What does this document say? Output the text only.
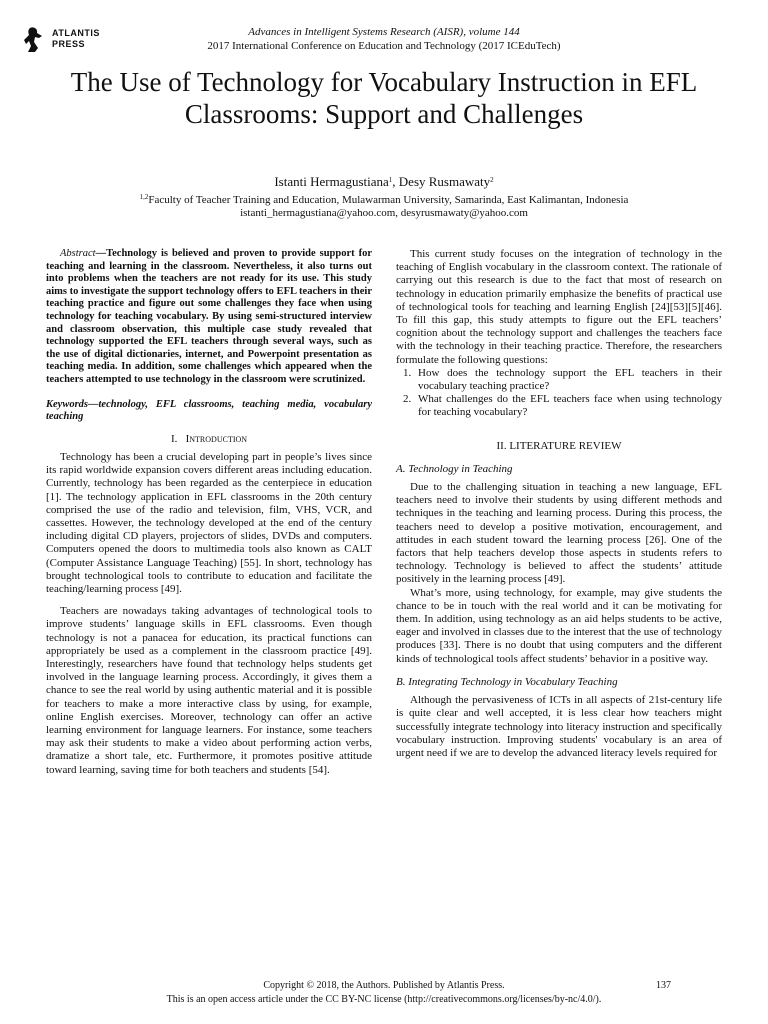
ATLANTIS
PRESS
Advances in Intelligent Systems Research (AISR), volume 144
2017 International Conference on Education and Technology (2017 ICEduTech)
The Use of Technology for Vocabulary Instruction in EFL Classrooms: Support and Challenges
Istanti Hermagustiana$^1$, Desy Rusmawaty$^2$
$^{1,2}$Faculty of Teacher Training and Education, Mulawarman University, Samarinda, East Kalimantan, Indonesia
istanti_hermagustiana@yahoo.com, desyrusmawaty@yahoo.com

Abstract—Technology is believed and proven to provide support for teaching and learning in the classroom. Nevertheless, it also turns out into problems when the teachers are not ready for its use. This study aims to investigate the support technology offers to EFL teachers in their teaching practice and figure out some challenges they face when using technology for teaching vocabulary. By using semi-structured interview and classroom observation, this multiple case study revealed that technology supported the EFL teachers through several ways, such as the use of digital dictionaries, internet, and Powerpoint presentation as teaching media. In addition, some challenges which appeared when the teachers attempted to use technology in the classroom were scrutinized.

Keywords—technology, EFL classrooms, teaching media, vocabulary teaching

I. Introduction

Technology has been a crucial developing part in people’s lives since its rapid worldwide expansion covers different areas including education. Currently, technology has been regarded as the centerpiece in education [1]. The technology application in EFL classrooms in the 20th century comprised the use of the radio and television, film, VHS, VCR, and cassettes. However, the technology developed at the end of the century including digital CD players, projectors of slides, DVDs and computers. Computers opened the doors to multimedia tools also known as CALT (Computer Assistance Language Teaching) [55]. In short, technology has brought technological tools to contribute to education and facilitate the teaching/learning process [49].

Teachers are nowadays taking advantages of technological tools to improve students’ language skills in EFL classrooms. Even though technology is not a panacea for education, its practical functions can appropriately be used as a complement in the classroom practice [49]. Interestingly, researchers have found that technology helps students get involved in the language learning process. Accordingly, it gives them a chance to see the real world by using authentic material and it is possible for teachers to make a more interactive class by using, for example, online English exercises. Moreover, technology can offer an active learning environment for language learners. For instance, some teachers may ask their students to make a video about performing action verbs, dramatize a short tale, etc. Furthermore, it promotes positive attitude toward learning, saving time for both teachers and students [54].

This current study focuses on the integration of technology in the teaching of English vocabulary in the classroom context. The rationale of carrying out this research is due to the fact that most of research on technology in education primarily emphasize the benefits of practical use of technological tools for teaching and learning English [24][53][5][46]. To fill this gap, this study attempts to figure out the EFL teachers’ cognition about the technology support and challenges the teachers face with the technology in their teaching practice. Therefore, the researchers formulate the following questions:

1. How does the technology support the EFL teachers in their vocabulary teaching practice?
2. What challenges do the EFL teachers face when using technology for teaching vocabulary?
II. LITERATURE REVIEW
A. Technology in Teaching

Due to the challenging situation in teaching a new language, EFL teachers need to involve their students by using different methods and techniques in the teaching and learning process. During this process, the teachers need to develop a positive motivation, encouragement, and attitudes in each student toward the learning process [26]. One of the factors that help teachers develop those aspects in students refers to technology. Technology is believed to affect the students’ attitude positively in the learning process [49].

What’s more, using technology, for example, may give students the chance to be in touch with the real world and it can be motivating for them. In addition, using technology as an aid helps students to be active, eager and involved in classes due to the interest that the use of technology produces [33]. There is no doubt that using computers and the different kinds of technological tools affect students’ behavior in a positive way.

B. Integrating Technology in Vocabulary Teaching

Although the pervasiveness of ICTs in all aspects of 21st-century life is quite clear and well accepted, it is less clear how teachers might successfully integrate technology into literacy instruction and specifically vocabulary instruction. Improving students' vocabulary is an area of urgent need if we are to develop the advanced literacy levels required for

Copyright © 2018, the Authors. Published by Atlantis Press.	137
This is an open access article under the CC BY-NC license (http://creativecommons.org/licenses/by-nc/4.0/).
